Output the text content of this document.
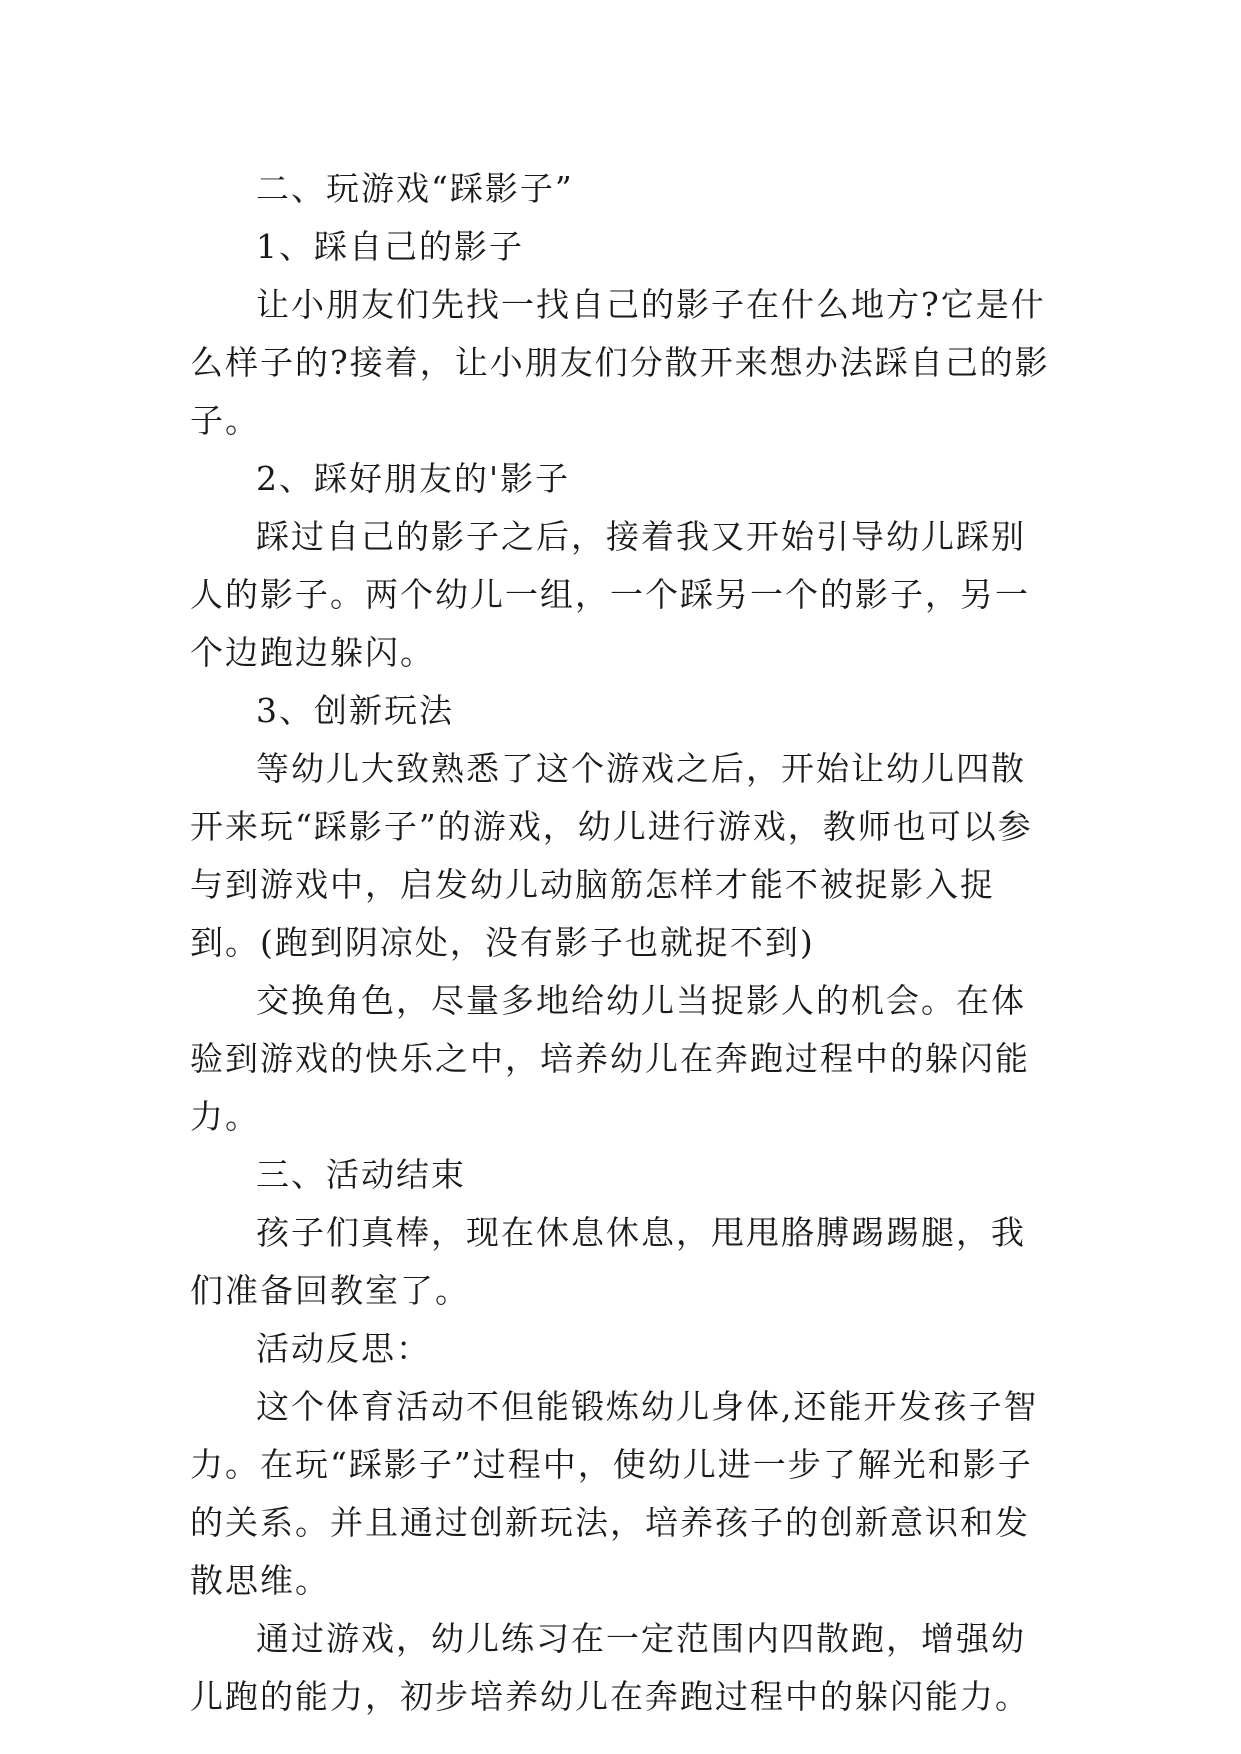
二、玩游戏“踩影子”

1、踩自己的影子

让小朋友们先找一找自己的影子在什么地方?它是什么样子的?接着，让小朋友们分散开来想办法踩自己的影子。

2、踩好朋友的'影子

踩过自己的影子之后，接着我又开始引导幼儿踩别人的影子。两个幼儿一组，一个踩另一个的影子，另一个边跑边躲闪。

3、创新玩法

等幼儿大致熟悉了这个游戏之后，开始让幼儿四散开来玩“踩影子”的游戏，幼儿进行游戏，教师也可以参与到游戏中，启发幼儿动脑筋怎样才能不被捉影入捉到。(跑到阴凉处，没有影子也就捉不到)

交换角色，尽量多地给幼儿当捉影人的机会。在体验到游戏的快乐之中，培养幼儿在奔跑过程中的躲闪能力。

三、活动结束

孩子们真棒，现在休息休息，甩甩胳膊踢踢腿，我们准备回教室了。

活动反思：

这个体育活动不但能锻炼幼儿身体,还能开发孩子智力。在玩“踩影子”过程中，使幼儿进一步了解光和影子的关系。并且通过创新玩法，培养孩子的创新意识和发散思维。

通过游戏，幼儿练习在一定范围内四散跑，增强幼儿跑的能力，初步培养幼儿在奔跑过程中的躲闪能力。
